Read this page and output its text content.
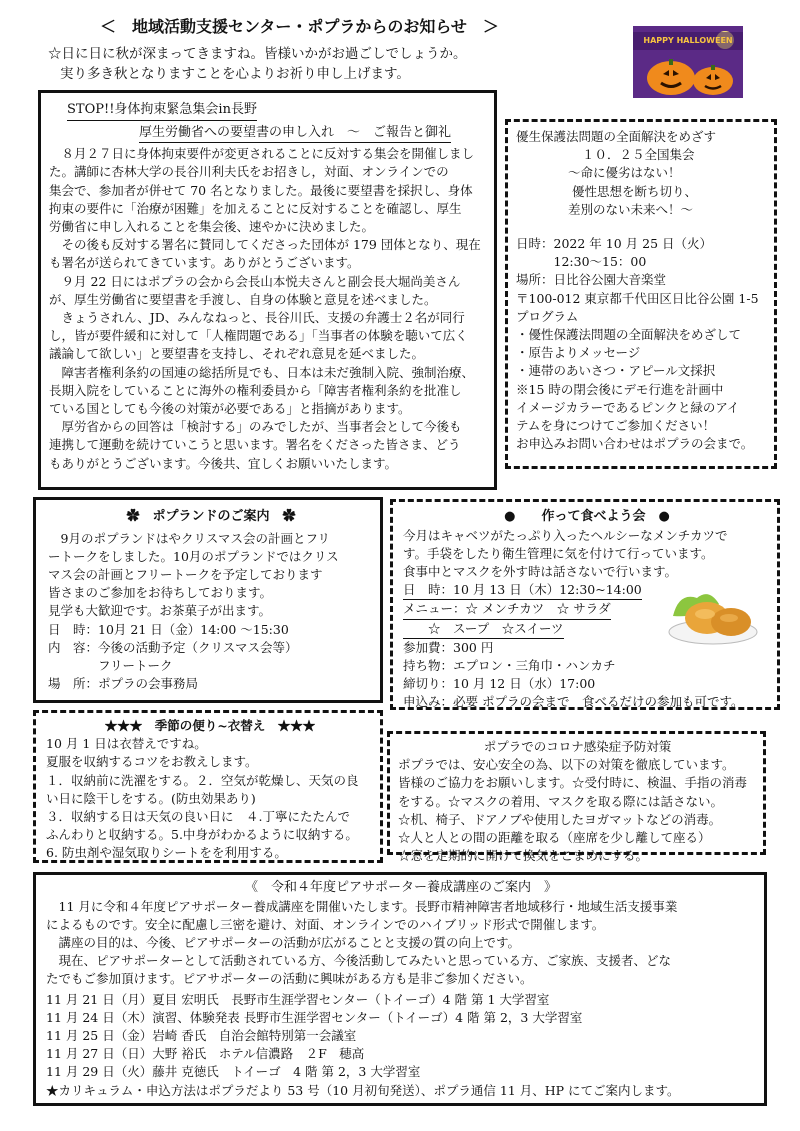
＜　地域活動支援センター・ポプラからのお知らせ　＞

☆日に日に秋が深まってきますね。皆様いかがお過ごしでしょうか。

実り多き秋となりますことを心よりお祈り申し上げます。

HAPPY HALLOWEEN
STOP!!身体拘束緊急集会in長野
厚生労働省への要望書の申し入れ　～　ご報告と御礼

　８月２７日に身体拘束要件が変更されることに反対する集会を開催しまし

た。講師に杏林大学の長谷川利夫氏をお招きし，対面、オンラインでの

集会で、参加者が併せて 70 名となりました。最後に要望書を採択し、身体

拘束の要件に「治療が困難」を加えることに反対することを確認し、厚生

労働省に申し入れることを集会後、速やかに決めました。

　その後も反対する署名に賛同してくださった団体が 179 団体となり、現在

も署名が送られてきています。ありがとうございます。

　９月 22 日にはポプラの会から会長山本悦夫さんと副会長大堀尚美さん

が、厚生労働省に要望書を手渡し、自身の体験と意見を述べました。

　きょうされん、JD、みんなねっと、長谷川氏、支援の弁護士２名が同行

し，皆が要件緩和に対して「人権問題である」「当事者の体験を聴いて広く

議論して欲しい」と要望書を支持し、それぞれ意見を延べました。

　障害者権利条約の国連の総括所見でも、日本は未だ強制入院、強制治療、

長期入院をしていることに海外の権利委員から「障害者権利条約を批准し

ている国としても今後の対策が必要である」と指摘があります。

　厚労省からの回答は「検討する」のみでしたが、当事者会として今後も

連携して運動を続けていこうと思います。署名をくださった皆さま、どう

もありがとうございます。今後共、宜しくお願いいたします。

優生保護法問題の全面解決をめざす

１０．２５全国集会

～命に優劣はない！

優性思想を断ち切り、

差別のない未来へ！～

日時：2022 年 10 月 25 日（火）

　　　12:30～15：00

場所：日比谷公園大音楽堂

〒100-012 東京都千代田区日比谷公園 1-5

プログラム

・優性保護法問題の全面解決をめざして

・原告よりメッセージ

・連帯のあいさつ・アピール文採択

※15 時の閉会後にデモ行進を計画中

イメージカラーであるピンクと緑のアイ

テムを身につけてご参加ください！

お申込みお問い合わせはポプラの会まで。

✿　ポプランドのご案内　✿

　9月のポプランドはやクリスマス会の計画とフリ

ートークをしました。10月のポプランドではクリス

マス会の計画とフリートークを予定しております

皆さまのご参加をお待ちしております。

見学も大歓迎です。お茶菓子が出ます。

日　時：10月 21 日（金）14:00 ～15:30

内　容：今後の活動予定（クリスマス会等）

　　　　フリートーク

場　所：ポプラの会事務局

●　　作って食べよう会　●

今月はキャベツがたっぷり入ったヘルシーなメンチカツで

す。手袋をしたり衛生管理に気を付けて行っています。

食事中とマスクを外す時は話さないで行います。

日　時：10 月 13 日（木）12:30~14:00

メニュー：☆ メンチカツ　☆ サラダ

　　☆　スープ　☆スイーツ

参加費：300 円

持ち物：エプロン・三角巾・ハンカチ

締切り：10 月 12 日（水）17:00

申込み：必要 ポプラの会まで　食べるだけの参加も可です。

★★★　季節の便り~衣替え　★★★

10 月 1 日は衣替えですね。

夏服を収納するコツをお教えします。

１．収納前に洗濯をする。２．空気が乾燥し、天気の良

い日に陰干しをする。(防虫効果あり)

３．収納する日は天気の良い日に　４.丁寧にたたんで

ふんわりと収納する。5.中身がわかるように収納する。

6. 防虫剤や湿気取りシートをを利用する。

ポプラでのコロナ感染症予防対策

ポプラでは、安心安全の為、以下の対策を徹底しています。

皆様のご協力をお願いします。☆受付時に、検温、手指の消毒

をする。☆マスクの着用、マスクを取る際には話さない。

☆机、椅子、ドアノブや使用したヨガマットなどの消毒。

☆人と人との間の距離を取る（座席を少し離して座る）

☆窓を定期的に開けて換気をこまめにする。

《　令和４年度ピアサポーター養成講座のご案内　》

　11 月に令和４年度ピアサポーター養成講座を開催いたします。長野市精神障害者地域移行・地域生活支援事業

によるものです。安全に配慮し三密を避け、対面、オンラインでのハイブリッド形式で開催します。

　講座の目的は、今後、ピアサポーターの活動が広がることと支援の質の向上です。

　現在、ピアサポーターとして活動されている方、今後活動してみたいと思っている方、ご家族、支援者、どな

たでもご参加頂けます。ピアサポーターの活動に興味がある方も是非ご参加ください。

11 月 21 日（月）夏目 宏明氏　長野市生涯学習センター（トイーゴ）4 階 第 1 大学習室

11 月 24 日（木）演習、体験発表 長野市生涯学習センター（トイーゴ）4 階 第 2，3 大学習室

11 月 25 日（金）岩崎 香氏　自治会館特別第一会議室

11 月 27 日（日）大野 裕氏　ホテル信濃路　２F　穂高

11 月 29 日（火）藤井 克徳氏　トイーゴ　4 階 第 2，3 大学習室

★カリキュラム・申込方法はポプラだより 53 号（10 月初旬発送）、ポプラ通信 11 月、HP にてご案内します。
